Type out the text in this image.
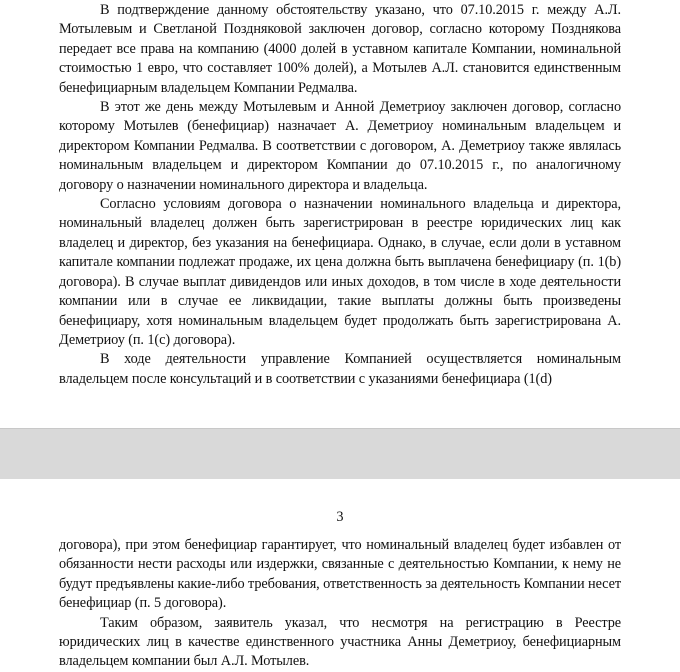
В подтверждение данному обстоятельству указано, что 07.10.2015 г. между А.Л. Мотылевым и Светланой Поздняковой заключен договор, согласно которому Позднякова передает все права на компанию (4000 долей в уставном капитале Компании, номинальной стоимостью 1 евро, что составляет 100% долей), а Мотылев А.Л. становится единственным бенефициарным владельцем Компании Редмалва.

В этот же день между Мотылевым и Анной Деметриоу заключен договор, согласно которому Мотылев (бенефициар) назначает А. Деметриоу номинальным владельцем и директором Компании Редмалва. В соответствии с договором, А. Деметриоу также являлась номинальным владельцем и директором Компании до 07.10.2015 г., по аналогичному договору о назначении номинального директора и владельца.

Согласно условиям договора о назначении номинального владельца и директора, номинальный владелец должен быть зарегистрирован в реестре юридических лиц как владелец и директор, без указания на бенефициара. Однако, в случае, если доли в уставном капитале компании подлежат продаже, их цена должна быть выплачена бенефициару (п. 1(b) договора). В случае выплат дивидендов или иных доходов, в том числе в ходе деятельности компании или в случае ее ликвидации, такие выплаты должны быть произведены бенефициару, хотя номинальным владельцем будет продолжать быть зарегистрирована А. Деметриоу (п. 1(с) договора).

В ходе деятельности управление Компанией осуществляется номинальным владельцем после консультаций и в соответствии с указаниями бенефициара (1(d)

3

договора), при этом бенефициар гарантирует, что номинальный владелец будет избавлен от обязанности нести расходы или издержки, связанные с деятельностью Компании, к нему не будут предъявлены какие-либо требования, ответственность за деятельность Компании несет бенефициар (п. 5 договора).

Таким образом, заявитель указал, что несмотря на регистрацию в Реестре юридических лиц в качестве единственного участника Анны Деметриоу, бенефициарным владельцем компании был А.Л. Мотылев.
